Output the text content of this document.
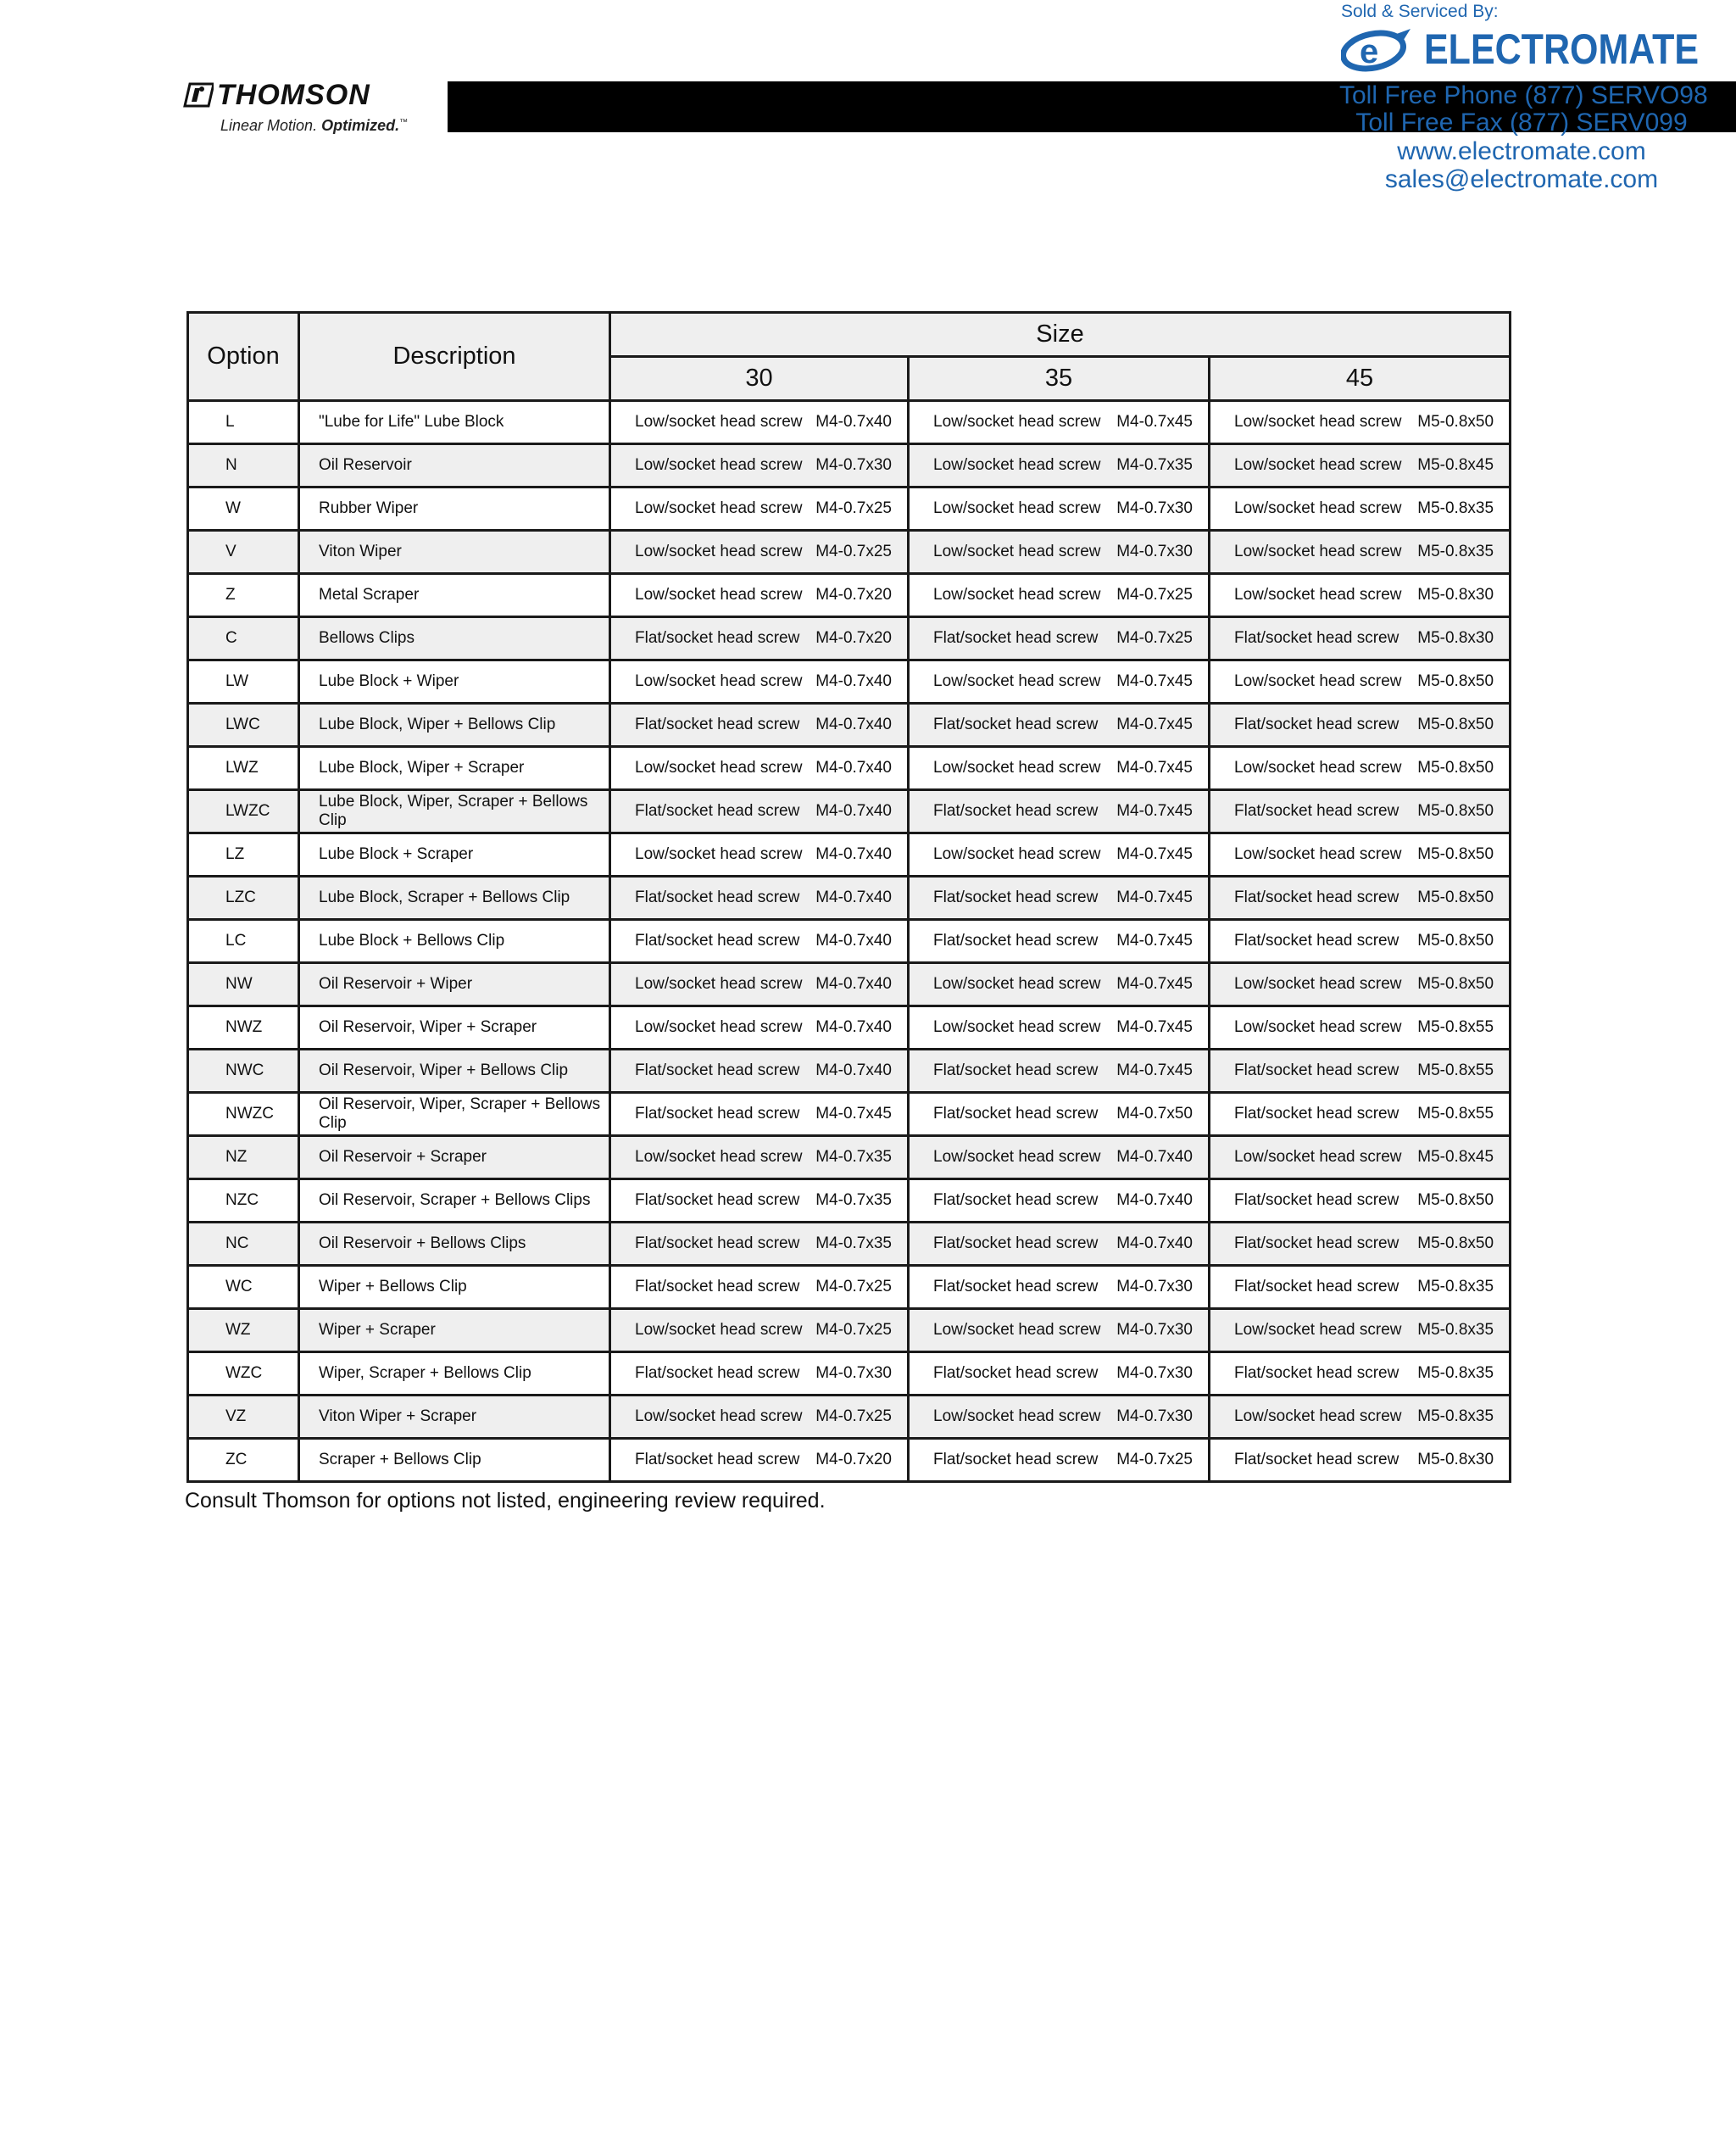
THOMSON
Linear Motion. Optimized.™
Sold & Serviced By:
e ELECTROMATE
Toll Free Phone (877) SERVO98
Toll Free Fax (877) SERV099
www.electromate.com
sales@electromate.com
Option	Description	Size		
		30	35	45
L	"Lube for Life" Lube Block	Low/socket head screw M4-0.7x40	Low/socket head screw M4-0.7x45	Low/socket head screw M5-0.8x50

N	Oil Reservoir	Low/socket head screw M4-0.7x30	Low/socket head screw M4-0.7x35	Low/socket head screw M5-0.8x45

W	Rubber Wiper	Low/socket head screw M4-0.7x25	Low/socket head screw M4-0.7x30	Low/socket head screw M5-0.8x35

V	Viton Wiper	Low/socket head screw M4-0.7x25	Low/socket head screw M4-0.7x30	Low/socket head screw M5-0.8x35

Z	Metal Scraper	Low/socket head screw M4-0.7x20	Low/socket head screw M4-0.7x25	Low/socket head screw M5-0.8x30

C	Bellows Clips	Flat/socket head screw M4-0.7x20	Flat/socket head screw M4-0.7x25	Flat/socket head screw M5-0.8x30

LW	Lube Block + Wiper	Low/socket head screw M4-0.7x40	Low/socket head screw M4-0.7x45	Low/socket head screw M5-0.8x50

LWC	Lube Block, Wiper + Bellows Clip	Flat/socket head screw M4-0.7x40	Flat/socket head screw M4-0.7x45	Flat/socket head screw M5-0.8x50

LWZ	Lube Block, Wiper + Scraper	Low/socket head screw M4-0.7x40	Low/socket head screw M4-0.7x45	Low/socket head screw M5-0.8x50

LWZC	Lube Block, Wiper, Scraper + Bellows Clip	Flat/socket head screw M4-0.7x40	Flat/socket head screw M4-0.7x45	Flat/socket head screw M5-0.8x50

LZ	Lube Block + Scraper	Low/socket head screw M4-0.7x40	Low/socket head screw M4-0.7x45	Low/socket head screw M5-0.8x50

LZC	Lube Block, Scraper + Bellows Clip	Flat/socket head screw M4-0.7x40	Flat/socket head screw M4-0.7x45	Flat/socket head screw M5-0.8x50

LC	Lube Block + Bellows Clip	Flat/socket head screw M4-0.7x40	Flat/socket head screw M4-0.7x45	Flat/socket head screw M5-0.8x50

NW	Oil Reservoir + Wiper	Low/socket head screw M4-0.7x40	Low/socket head screw M4-0.7x45	Low/socket head screw M5-0.8x50

NWZ	Oil Reservoir, Wiper + Scraper	Low/socket head screw M4-0.7x40	Low/socket head screw M4-0.7x45	Low/socket head screw M5-0.8x55

NWC	Oil Reservoir, Wiper + Bellows Clip	Flat/socket head screw M4-0.7x40	Flat/socket head screw M4-0.7x45	Flat/socket head screw M5-0.8x55

NWZC	Oil Reservoir, Wiper, Scraper + Bellows Clip	Flat/socket head screw M4-0.7x45	Flat/socket head screw M4-0.7x50	Flat/socket head screw M5-0.8x55

NZ	Oil Reservoir + Scraper	Low/socket head screw M4-0.7x35	Low/socket head screw M4-0.7x40	Low/socket head screw M5-0.8x45

NZC	Oil Reservoir, Scraper + Bellows Clips	Flat/socket head screw M4-0.7x35	Flat/socket head screw M4-0.7x40	Flat/socket head screw M5-0.8x50

NC	Oil Reservoir + Bellows Clips	Flat/socket head screw M4-0.7x35	Flat/socket head screw M4-0.7x40	Flat/socket head screw M5-0.8x50

WC	Wiper + Bellows Clip	Flat/socket head screw M4-0.7x25	Flat/socket head screw M4-0.7x30	Flat/socket head screw M5-0.8x35

WZ	Wiper + Scraper	Low/socket head screw M4-0.7x25	Low/socket head screw M4-0.7x30	Low/socket head screw M5-0.8x35

WZC	Wiper, Scraper + Bellows Clip	Flat/socket head screw M4-0.7x30	Flat/socket head screw M4-0.7x30	Flat/socket head screw M5-0.8x35

VZ	Viton Wiper + Scraper	Low/socket head screw M4-0.7x25	Low/socket head screw M4-0.7x30	Low/socket head screw M5-0.8x35

ZC	Scraper + Bellows Clip	Flat/socket head screw M4-0.7x20	Flat/socket head screw M4-0.7x25	Flat/socket head screw M5-0.8x30
Consult Thomson for options not listed, engineering review required.
